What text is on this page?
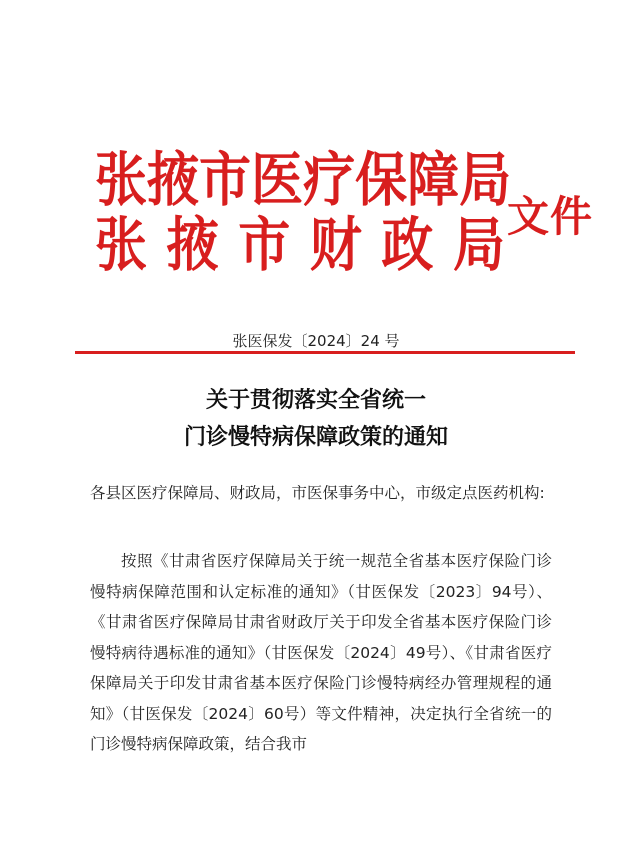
张 掖 市 医 疗 保 障 局
张 掖 市 财 政 局 文件
张医保发〔2024〕24 号
关于贯彻落实全省统一
门诊慢特病保障政策的通知

各县区医疗保障局、财政局，市医保事务中心，市级定点医药机构:

按照《甘肃省医疗保障局关于统一规范全省基本医疗保险门诊慢特病保障范围和认定标准的通知》（甘医保发〔2023〕94号）、《甘肃省医疗保障局甘肃省财政厅关于印发全省基本医疗保险门诊慢特病待遇标准的通知》（甘医保发〔2024〕49号）、《甘肃省医疗保障局关于印发甘肃省基本医疗保险门诊慢特病经办管理规程的通知》（甘医保发〔2024〕60号）等文件精神，决定执行全省统一的门诊慢特病保障政策，结合我市
